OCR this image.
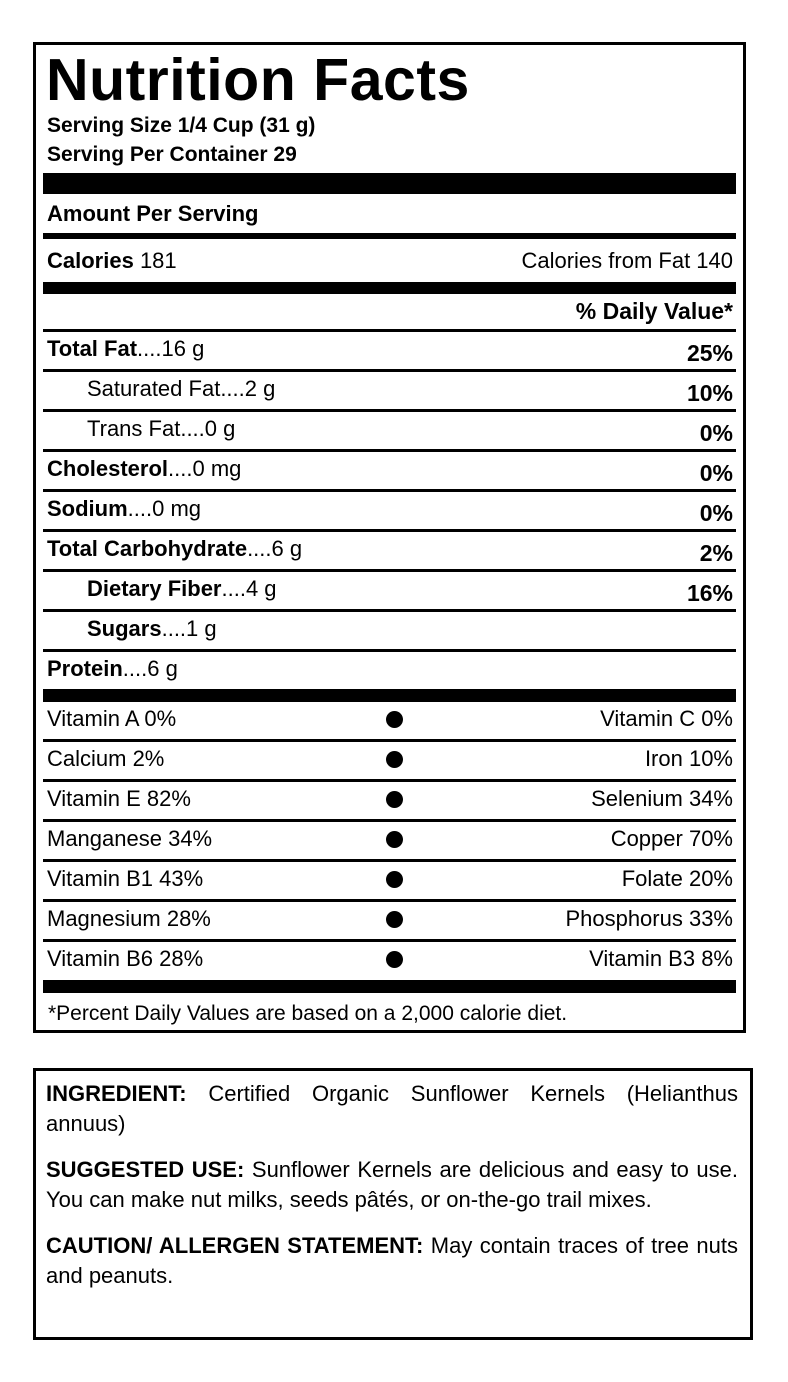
Nutrition Facts
Serving Size 1/4 Cup (31 g)
Serving Per Container 29
Amount Per Serving
Calories 181	Calories from Fat 140
% Daily Value*
Total Fat....16 g	25%
Saturated Fat....2 g	10%
Trans Fat....0 g	0%
Cholesterol....0 mg	0%
Sodium....0 mg	0%
Total Carbohydrate....6 g	2%
Dietary Fiber....4 g	16%
Sugars....1 g
Protein....6 g
Vitamin A 0%	Vitamin C 0%
Calcium 2%	Iron 10%
Vitamin E 82%	Selenium 34%
Manganese 34%	Copper 70%
Vitamin B1 43%	Folate 20%
Magnesium 28%	Phosphorus 33%
Vitamin B6 28%	Vitamin B3 8%
*Percent Daily Values are based on a 2,000 calorie diet.

INGREDIENT: Certified Organic Sunflower Kernels (Helianthus annuus)

SUGGESTED USE: Sunflower Kernels are delicious and easy to use. You can make nut milks, seeds pâtés, or on-the-go trail mixes.

CAUTION/ ALLERGEN STATEMENT: May contain traces of tree nuts and peanuts.
